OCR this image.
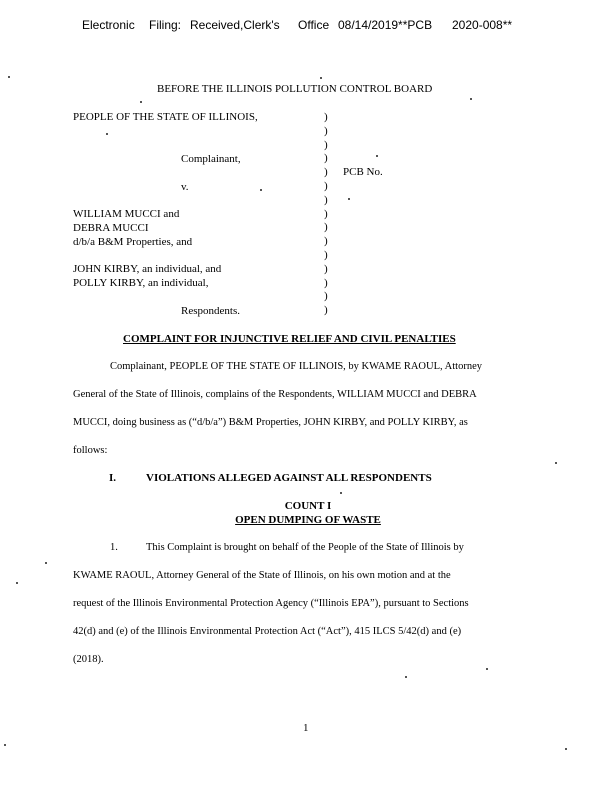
Electronic Filing: Received,Clerk's Office 08/14/2019**PCB 2020-008**
BEFORE THE ILLINOIS POLLUTION CONTROL BOARD
PEOPLE OF THE STATE OF ILLINOIS,
Complainant,
v.
PCB No.
WILLIAM MUCCI and
DEBRA MUCCI
d/b/a B&M Properties, and
JOHN KIRBY, an individual, and
POLLY KIRBY, an individual,
Respondents.
)
)
)
)
)
)
)
)
)
)
)
)
)
)
)
COMPLAINT FOR INJUNCTIVE RELIEF AND CIVIL PENALTIES
Complainant, PEOPLE OF THE STATE OF ILLINOIS, by KWAME RAOUL, Attorney
General of the State of Illinois, complains of the Respondents, WILLIAM MUCCI and DEBRA
MUCCI, doing business as (“d/b/a”) B&M Properties, JOHN KIRBY, and POLLY KIRBY, as
follows:
I.	VIOLATIONS ALLEGED AGAINST ALL RESPONDENTS
COUNT I
OPEN DUMPING OF WASTE
1.	This Complaint is brought on behalf of the People of the State of Illinois by
KWAME RAOUL, Attorney General of the State of Illinois, on his own motion and at the
request of the Illinois Environmental Protection Agency (“Illinois EPA”), pursuant to Sections
42(d) and (e) of the Illinois Environmental Protection Act (“Act”), 415 ILCS 5/42(d) and (e)
(2018).
1
